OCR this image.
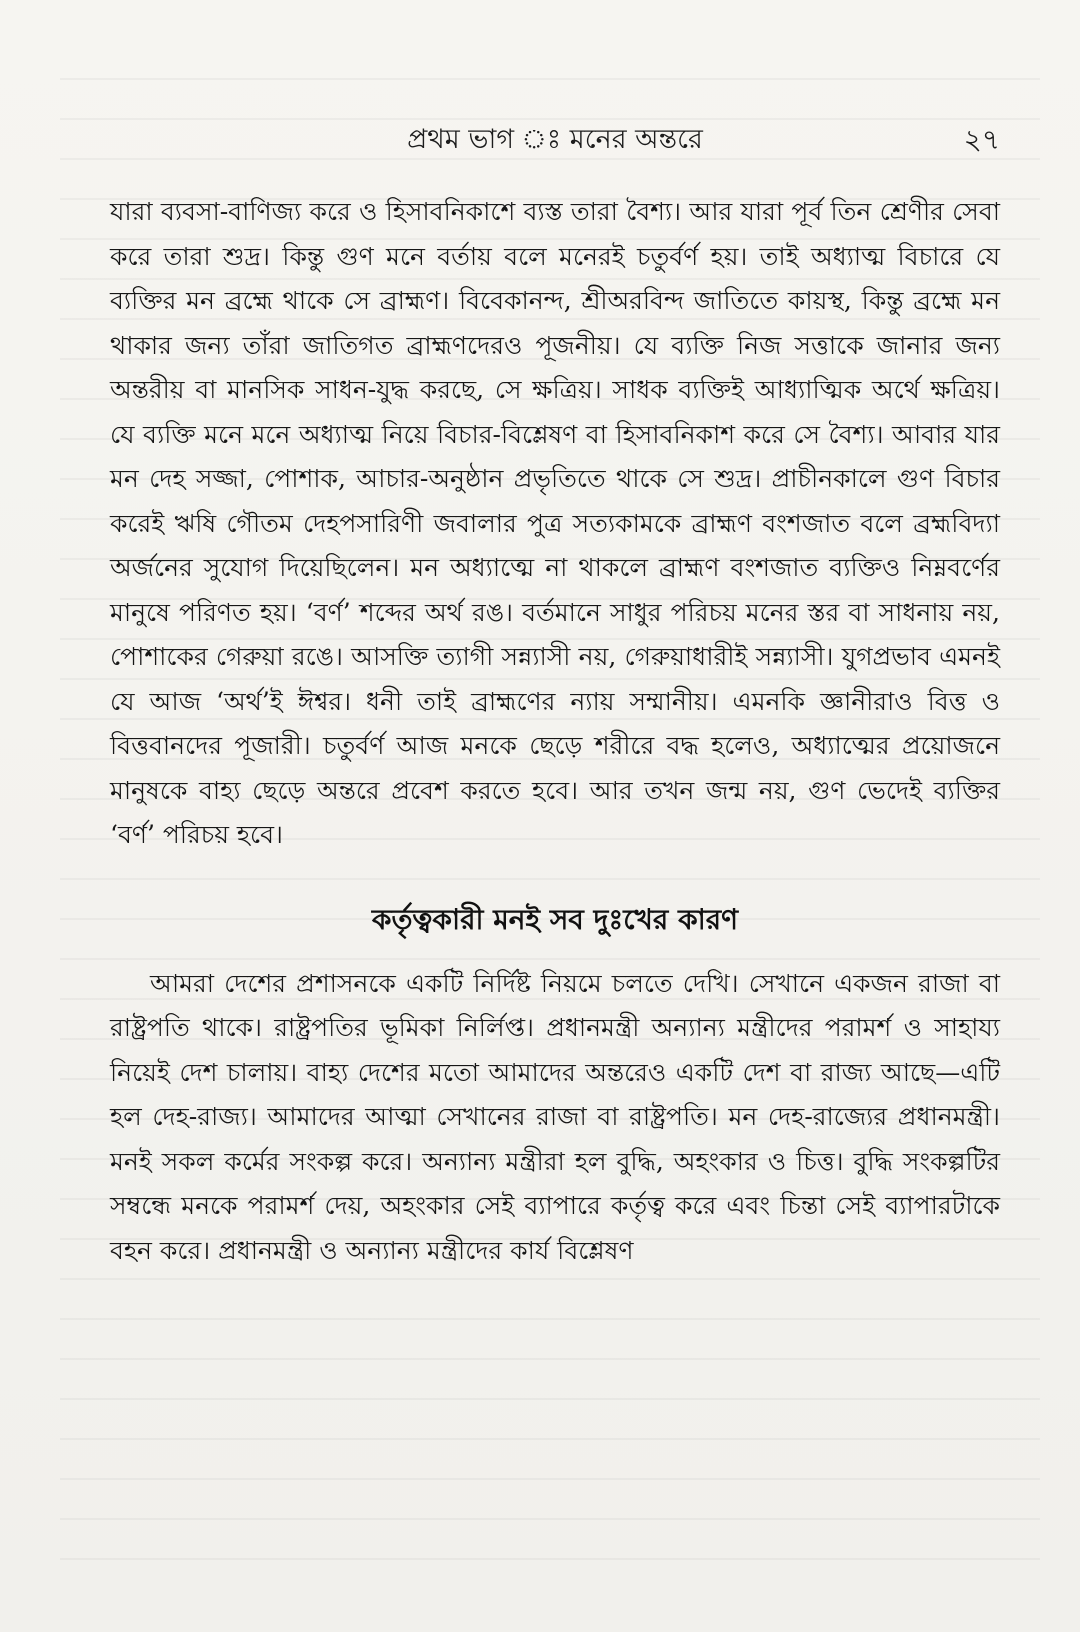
প্রথম ভাগ ঃ মনের অন্তরে	২৭

যারা ব্যবসা-বাণিজ্য করে ও হিসাবনিকাশে ব্যস্ত তারা বৈশ্য। আর যারা পূর্ব তিন শ্রেণীর সেবা করে তারা শুদ্র। কিন্তু গুণ মনে বর্তায় বলে মনেরই চতুর্বর্ণ হয়। তাই অধ্যাত্ম বিচারে যে ব্যক্তির মন ব্রহ্মে থাকে সে ব্রাহ্মণ। বিবেকানন্দ, শ্রীঅরবিন্দ জাতিতে কায়স্থ, কিন্তু ব্রহ্মে মন থাকার জন্য তাঁরা জাতিগত ব্রাহ্মণদেরও পূজনীয়। যে ব্যক্তি নিজ সত্তাকে জানার জন্য অন্তরীয় বা মানসিক সাধন-যুদ্ধ করছে, সে ক্ষত্রিয়। সাধক ব্যক্তিই আধ্যাত্মিক অর্থে ক্ষত্রিয়। যে ব্যক্তি মনে মনে অধ্যাত্ম নিয়ে বিচার-বিশ্লেষণ বা হিসাবনিকাশ করে সে বৈশ্য। আবার যার মন দেহ সজ্জা, পোশাক, আচার-অনুষ্ঠান প্রভৃতিতে থাকে সে শুদ্র। প্রাচীনকালে গুণ বিচার করেই ঋষি গৌতম দেহপসারিণী জবালার পুত্র সত্যকামকে ব্রাহ্মণ বংশজাত বলে ব্রহ্মবিদ্যা অর্জনের সুযোগ দিয়েছিলেন। মন অধ্যাত্মে না থাকলে ব্রাহ্মণ বংশজাত ব্যক্তিও নিম্নবর্ণের মানুষে পরিণত হয়। ‘বর্ণ’ শব্দের অর্থ রঙ। বর্তমানে সাধুর পরিচয় মনের স্তর বা সাধনায় নয়, পোশাকের গেরুয়া রঙে। আসক্তি ত্যাগী সন্ন্যাসী নয়, গেরুয়াধারীই সন্ন্যাসী। যুগপ্রভাব এমনই যে আজ ‘অর্থ’ই ঈশ্বর। ধনী তাই ব্রাহ্মণের ন্যায় সম্মানীয়। এমনকি জ্ঞানীরাও বিত্ত ও বিত্তবানদের পূজারী। চতুর্বর্ণ আজ মনকে ছেড়ে শরীরে বদ্ধ হলেও, অধ্যাত্মের প্রয়োজনে মানুষকে বাহ্য ছেড়ে অন্তরে প্রবেশ করতে হবে। আর তখন জন্ম নয়, গুণ ভেদেই ব্যক্তির ‘বর্ণ’ পরিচয় হবে।

কর্তৃত্বকারী মনই সব দুঃখের কারণ

আমরা দেশের প্রশাসনকে একটি নির্দিষ্ট নিয়মে চলতে দেখি। সেখানে একজন রাজা বা রাষ্ট্রপতি থাকে। রাষ্ট্রপতির ভূমিকা নির্লিপ্ত। প্রধানমন্ত্রী অন্যান্য মন্ত্রীদের পরামর্শ ও সাহায্য নিয়েই দেশ চালায়। বাহ্য দেশের মতো আমাদের অন্তরেও একটি দেশ বা রাজ্য আছে—এটি হল দেহ-রাজ্য। আমাদের আত্মা সেখানের রাজা বা রাষ্ট্রপতি। মন দেহ-রাজ্যের প্রধানমন্ত্রী। মনই সকল কর্মের সংকল্প করে। অন্যান্য মন্ত্রীরা হল বুদ্ধি, অহংকার ও চিত্ত। বুদ্ধি সংকল্পটির সম্বন্ধে মনকে পরামর্শ দেয়, অহংকার সেই ব্যাপারে কর্তৃত্ব করে এবং চিন্তা সেই ব্যাপারটাকে বহন করে। প্রধানমন্ত্রী ও অন্যান্য মন্ত্রীদের কার্য বিশ্লেষণ
